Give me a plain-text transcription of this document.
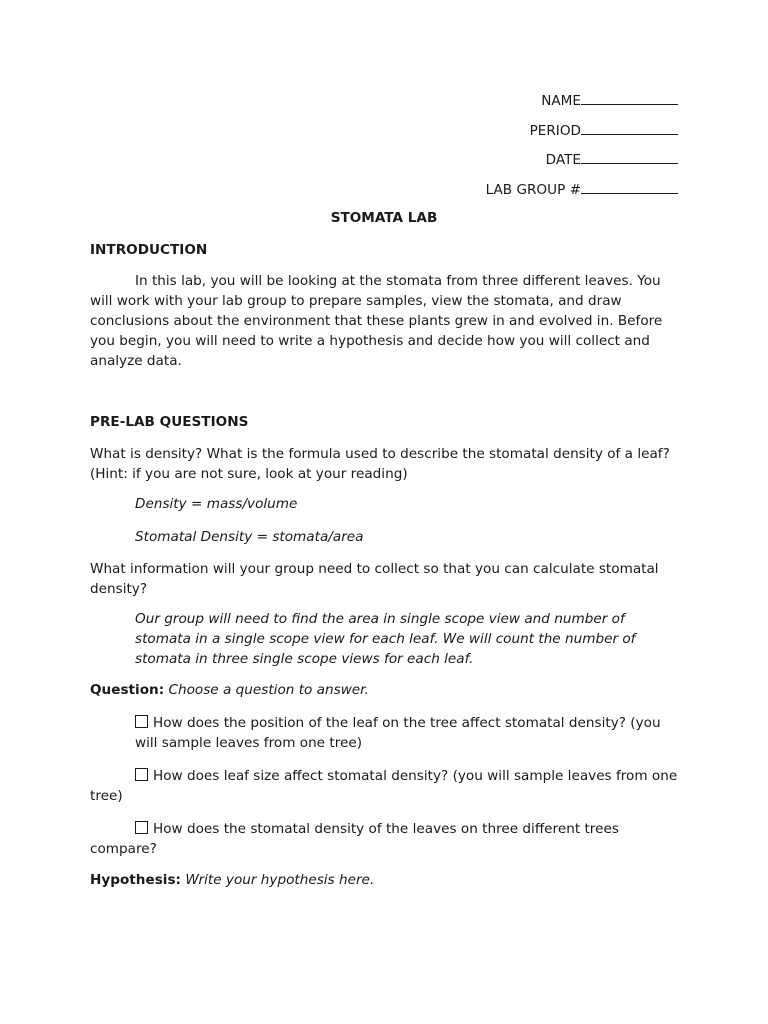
NAME
PERIOD
DATE
LAB GROUP #
STOMATA LAB
INTRODUCTION
In this lab, you will be looking at the stomata from three different leaves. You will work with your lab group to prepare samples, view the stomata, and draw conclusions about the environment that these plants grew in and evolved in. Before you begin, you will need to write a hypothesis and decide how you will collect and analyze data.
PRE-LAB QUESTIONS
What is density? What is the formula used to describe the stomatal density of a leaf? (Hint: if you are not sure, look at your reading)
Density = mass/volume
Stomatal Density = stomata/area
What information will your group need to collect so that you can calculate stomatal density?
Our group will need to find the area in single scope view and number of stomata in a single scope view for each leaf. We will count the number of stomata in three single scope views for each leaf.
Question: Choose a question to answer.
How does the position of the leaf on the tree affect stomatal density? (you will sample leaves from one tree)
How does leaf size affect stomatal density? (you will sample leaves from one tree)
How does the stomatal density of the leaves on three different trees compare?
Hypothesis: Write your hypothesis here.
